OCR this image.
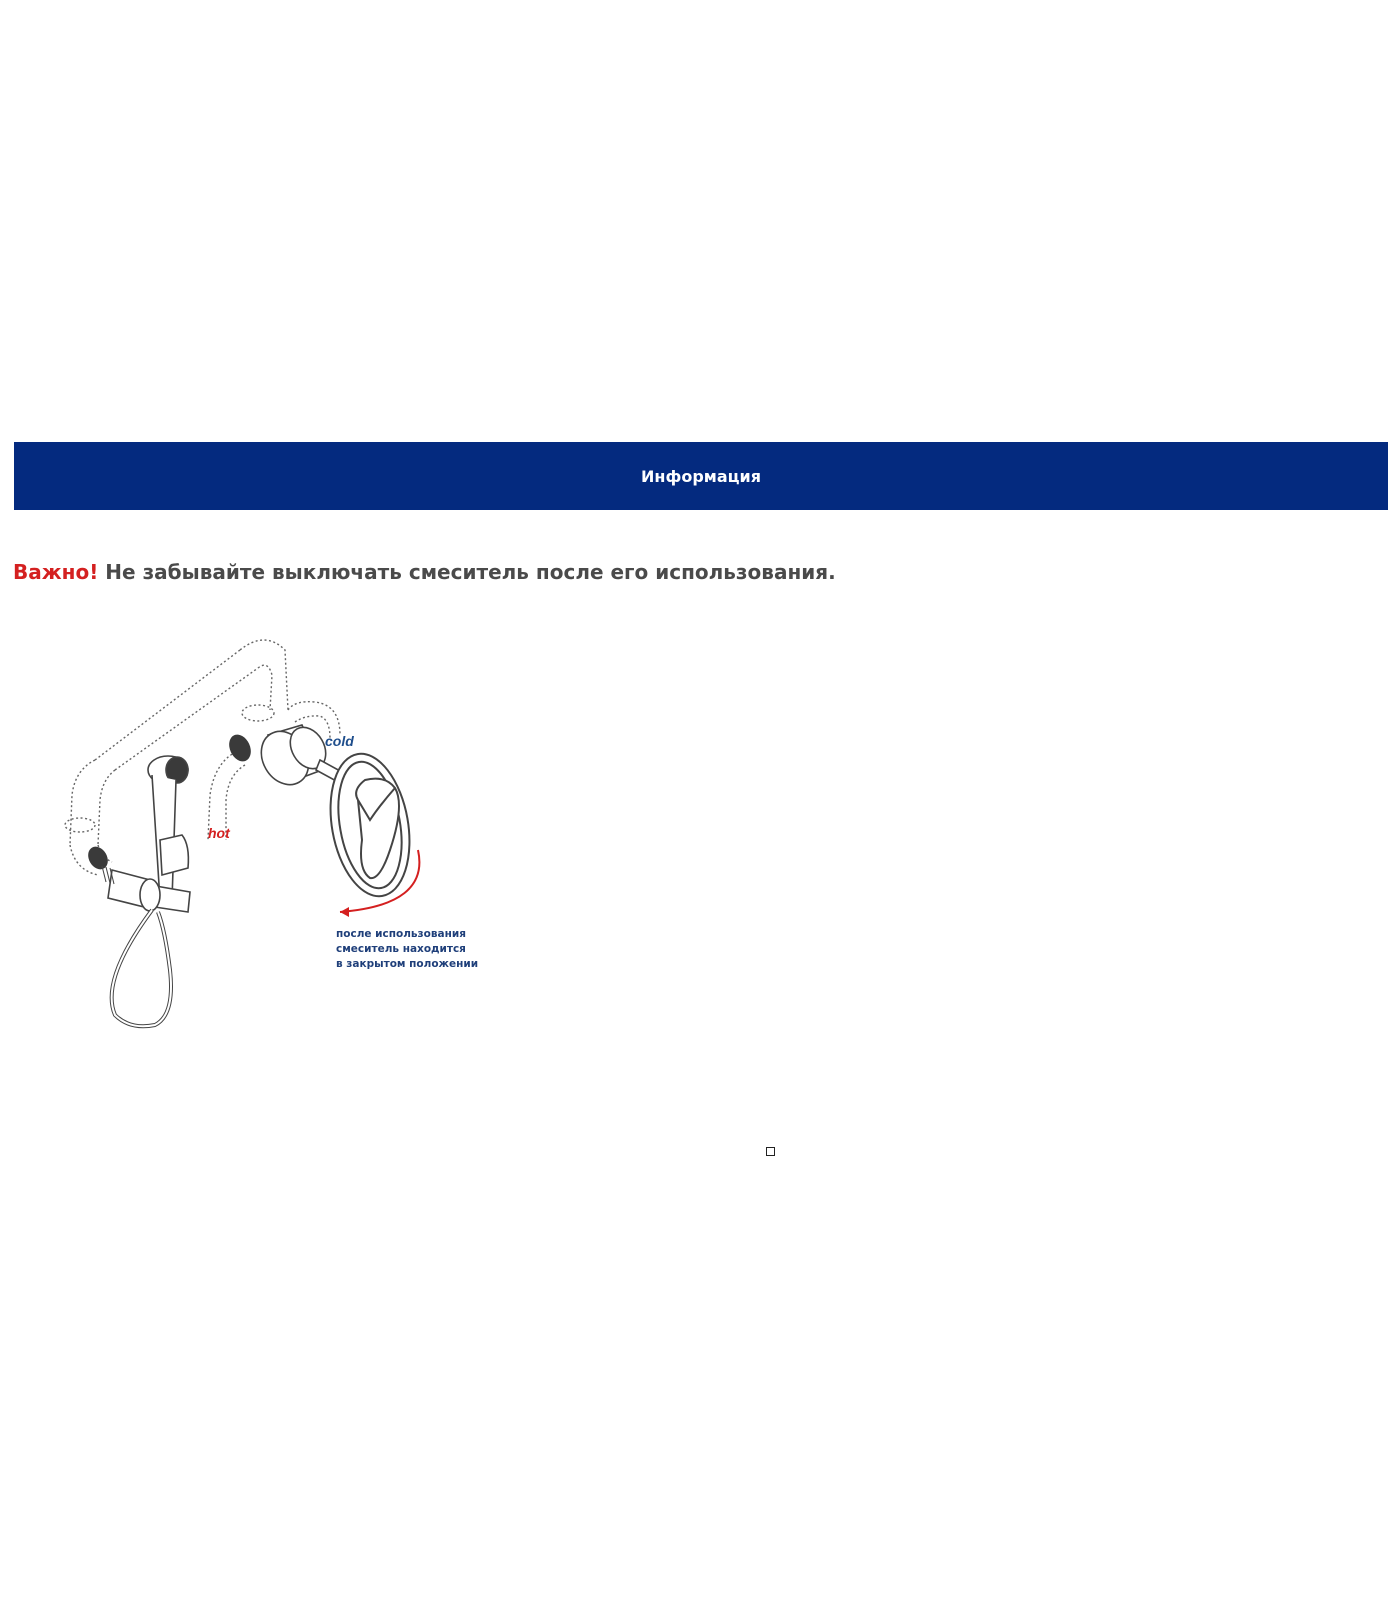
Информация

Важно! Не забывайте выключать смеситель после его использования.

cold
hot
после использования
смеситель находится
в закрытом положении
